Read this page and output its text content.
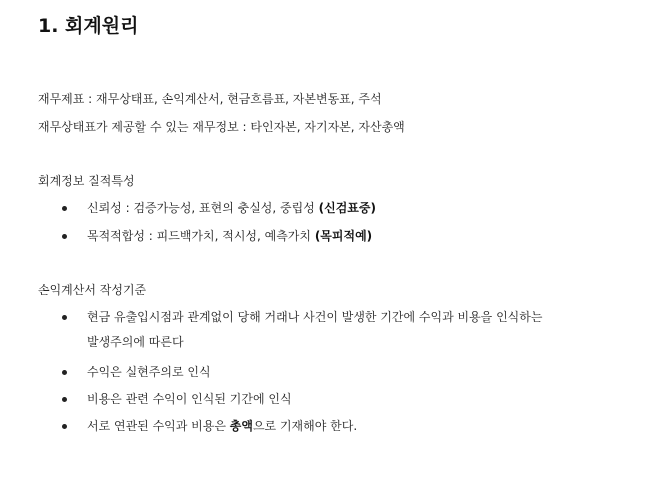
1. 회계원리

재무제표 : 재무상태표, 손익계산서, 현금흐름표, 자본변동표, 주석

재무상태표가 제공할 수 있는 재무정보 : 타인자본, 자기자본, 자산총액

회계정보 질적특성

신뢰성 : 검증가능성, 표현의 충실성, 중립성 (신검표중)
목적적합성 : 피드백가치, 적시성, 예측가치 (목피적예)

손익계산서 작성기준

현금 유출입시점과 관계없이 당해 거래나 사건이 발생한 기간에 수익과 비용을 인식하는
발생주의에 따른다
수익은 실현주의로 인식
비용은 관련 수익이 인식된 기간에 인식
서로 연관된 수익과 비용은 총액으로 기재해야 한다.
